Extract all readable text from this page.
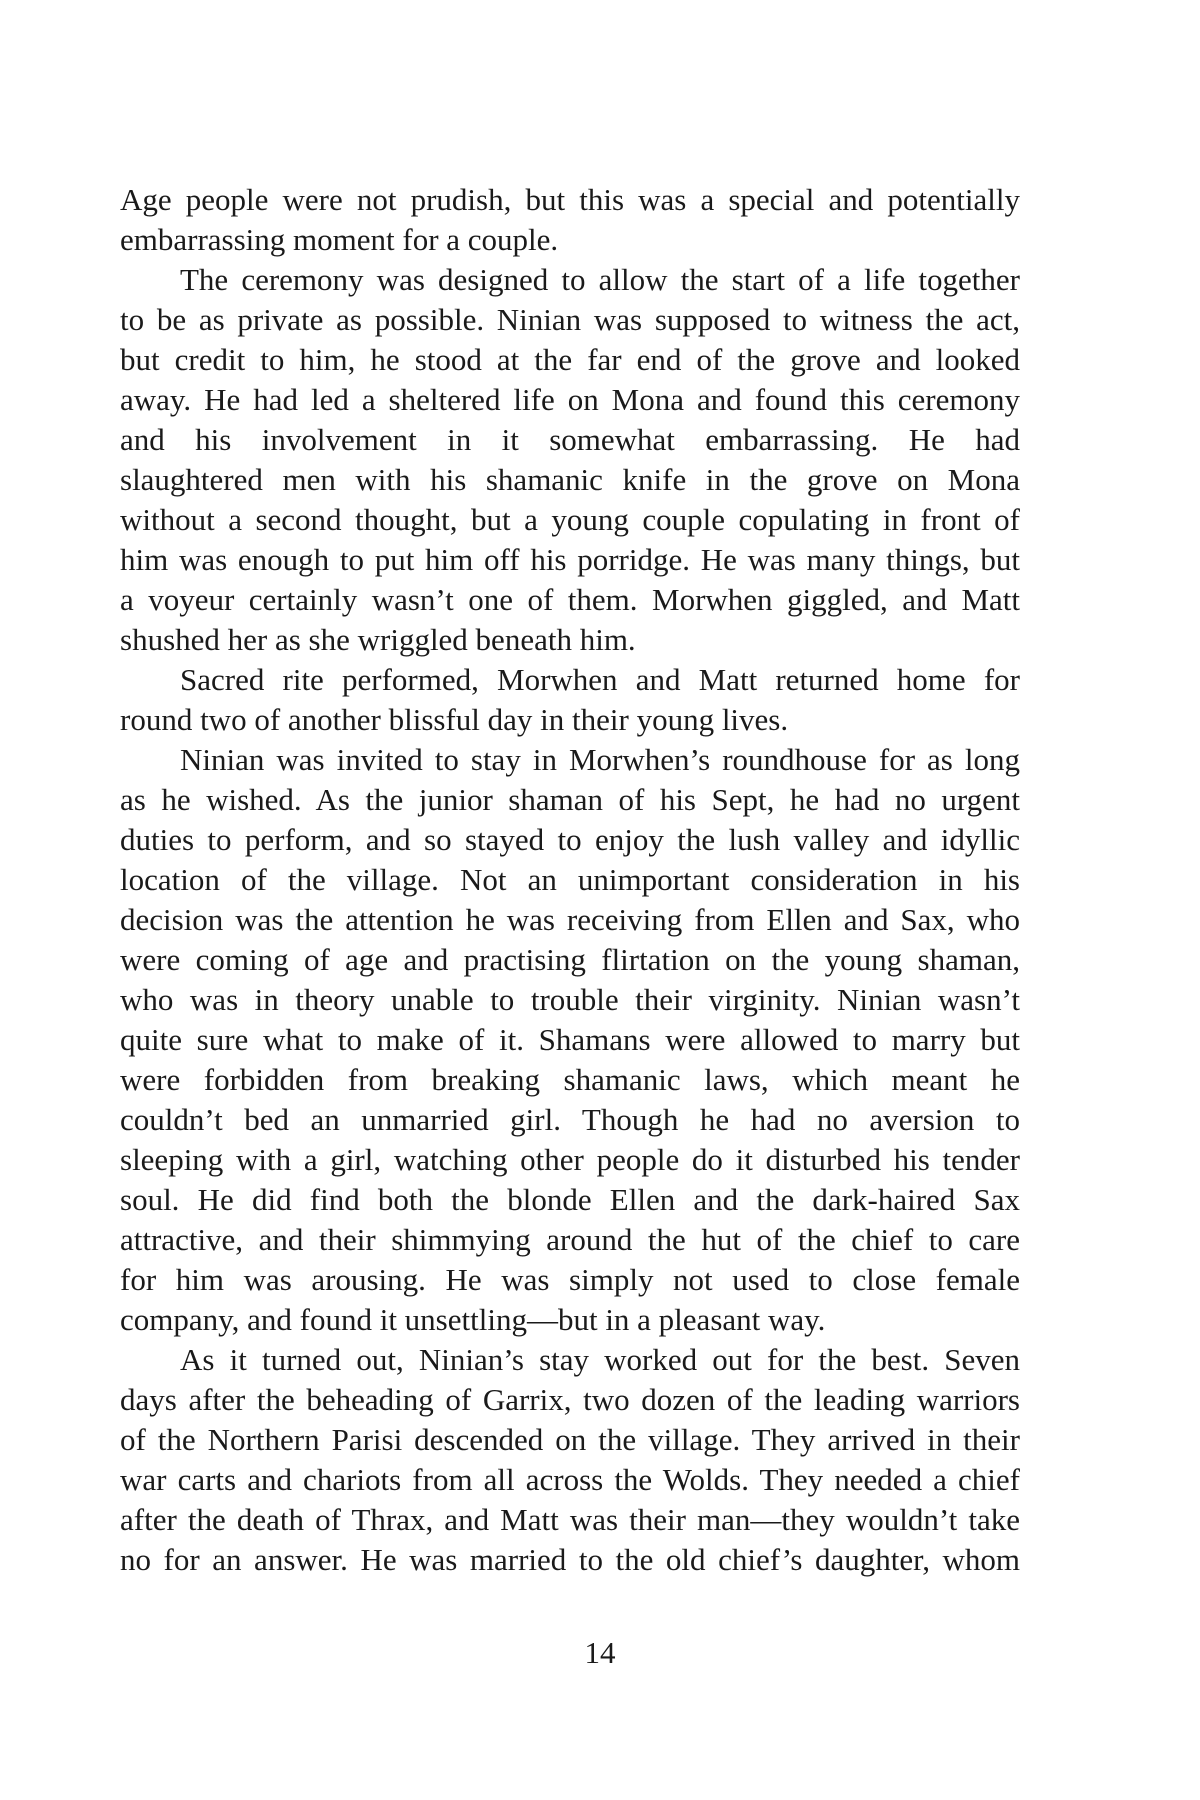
Age people were not prudish, but this was a special and potentially
embarrassing moment for a couple.
The ceremony was designed to allow the start of a life together
to be as private as possible. Ninian was supposed to witness the act,
but credit to him, he stood at the far end of the grove and looked
away. He had led a sheltered life on Mona and found this ceremony
and his involvement in it somewhat embarrassing. He had
slaughtered men with his shamanic knife in the grove on Mona
without a second thought, but a young couple copulating in front of
him was enough to put him off his porridge. He was many things, but
a voyeur certainly wasn’t one of them. Morwhen giggled, and Matt
shushed her as she wriggled beneath him.
Sacred rite performed, Morwhen and Matt returned home for
round two of another blissful day in their young lives.
Ninian was invited to stay in Morwhen’s roundhouse for as long
as he wished. As the junior shaman of his Sept, he had no urgent
duties to perform, and so stayed to enjoy the lush valley and idyllic
location of the village. Not an unimportant consideration in his
decision was the attention he was receiving from Ellen and Sax, who
were coming of age and practising flirtation on the young shaman,
who was in theory unable to trouble their virginity. Ninian wasn’t
quite sure what to make of it. Shamans were allowed to marry but
were forbidden from breaking shamanic laws, which meant he
couldn’t bed an unmarried girl. Though he had no aversion to
sleeping with a girl, watching other people do it disturbed his tender
soul. He did find both the blonde Ellen and the dark-haired Sax
attractive, and their shimmying around the hut of the chief to care
for him was arousing. He was simply not used to close female
company, and found it unsettling—but in a pleasant way.
As it turned out, Ninian’s stay worked out for the best. Seven
days after the beheading of Garrix, two dozen of the leading warriors
of the Northern Parisi descended on the village. They arrived in their
war carts and chariots from all across the Wolds. They needed a chief
after the death of Thrax, and Matt was their man—they wouldn’t take
no for an answer. He was married to the old chief’s daughter, whom
14
